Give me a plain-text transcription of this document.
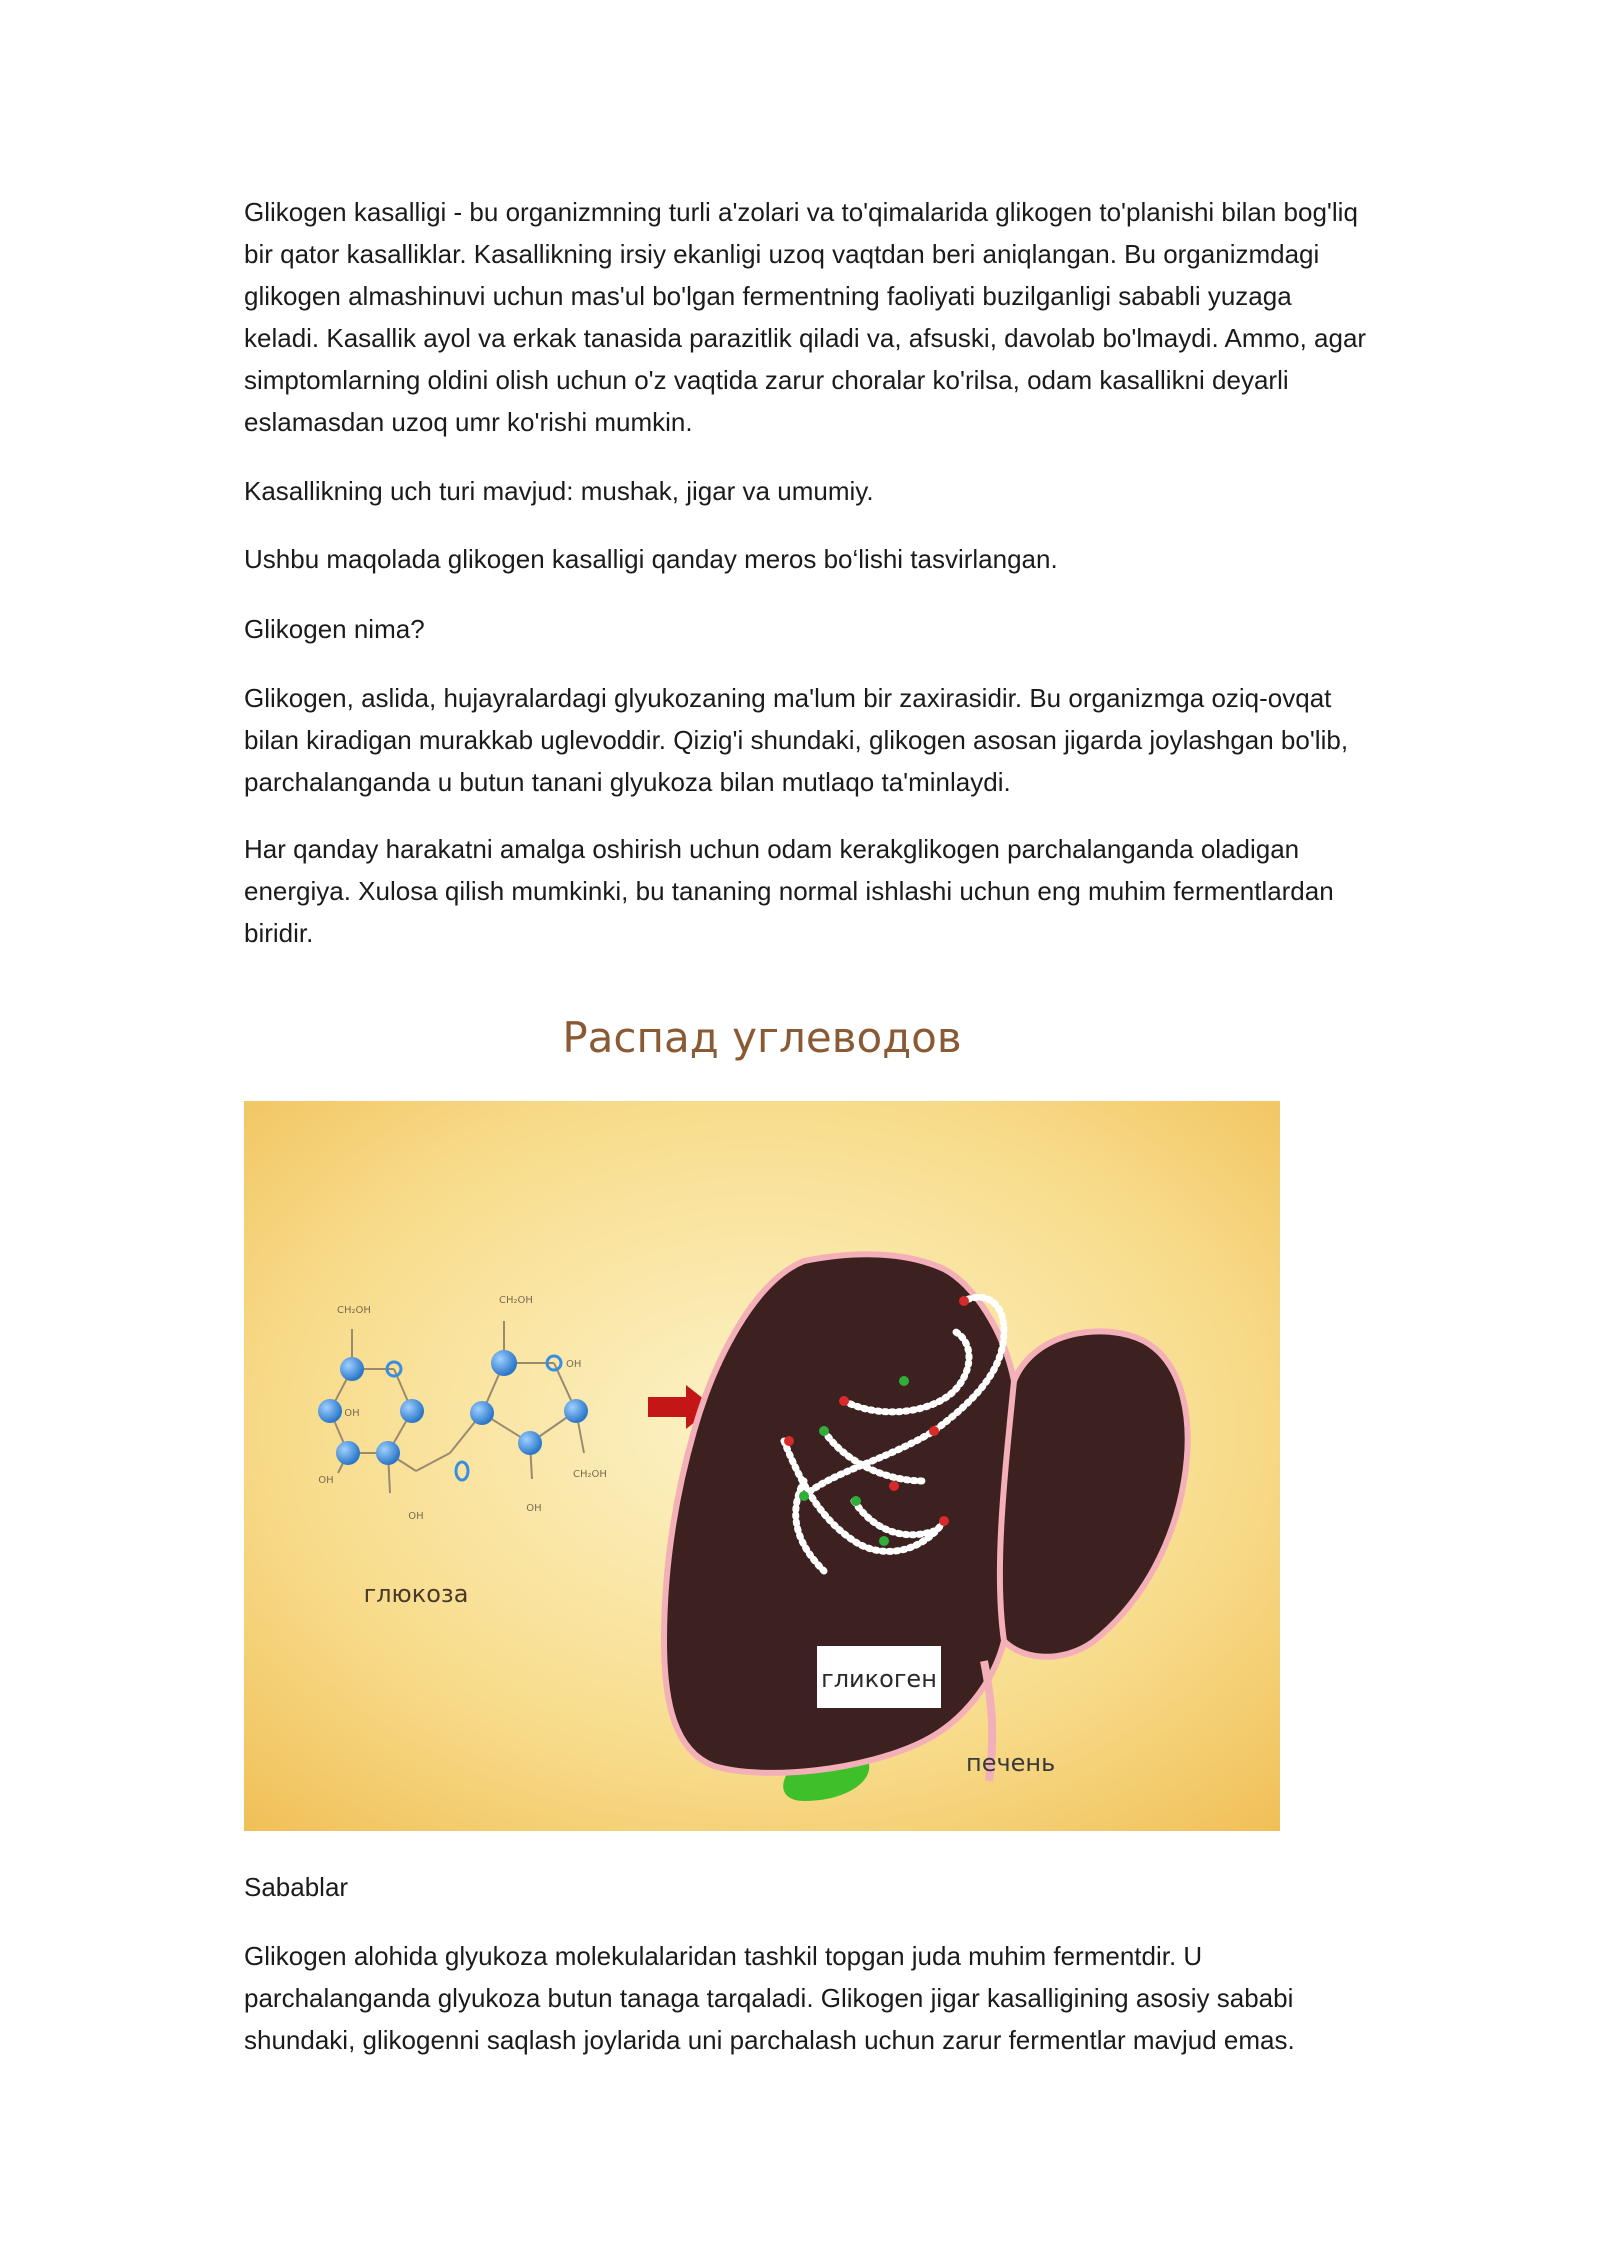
Glikogen kasalligi - bu organizmning turli a'zolari va to'qimalarida glikogen to'planishi bilan bog'liq bir qator kasalliklar. Kasallikning irsiy ekanligi uzoq vaqtdan beri aniqlangan. Bu organizmdagi glikogen almashinuvi uchun mas'ul bo'lgan fermentning faoliyati buzilganligi sababli yuzaga keladi. Kasallik ayol va erkak tanasida parazitlik qiladi va, afsuski, davolab bo'lmaydi. Ammo, agar simptomlarning oldini olish uchun o'z vaqtida zarur choralar ko'rilsa, odam kasallikni deyarli eslamasdan uzoq umr ko'rishi mumkin.

Kasallikning uch turi mavjud: mushak, jigar va umumiy.

Ushbu maqolada glikogen kasalligi qanday meros bo‘lishi tasvirlangan.

Glikogen nima?

Glikogen, aslida, hujayralardagi glyukozaning ma'lum bir zaxirasidir. Bu organizmga oziq-ovqat bilan kiradigan murakkab uglevoddir. Qizig'i shundaki, glikogen asosan jigarda joylashgan bo'lib, parchalanganda u butun tanani glyukoza bilan mutlaqo ta'minlaydi.

Har qanday harakatni amalga oshirish uchun odam kerakglikogen parchalanganda oladigan energiya. Xulosa qilish mumkinki, bu tananing normal ishlashi uchun eng muhim fermentlardan biridir.

Распад углеводов
CH₂OH
CH₂OH
OH
OH
OH
OH
OH
CH₂OH
глюкоза
гликоген
печень

Sabablar

Glikogen alohida glyukoza molekulalaridan tashkil topgan juda muhim fermentdir. U parchalanganda glyukoza butun tanaga tarqaladi. Glikogen jigar kasalligining asosiy sababi shundaki, glikogenni saqlash joylarida uni parchalash uchun zarur fermentlar mavjud emas.
